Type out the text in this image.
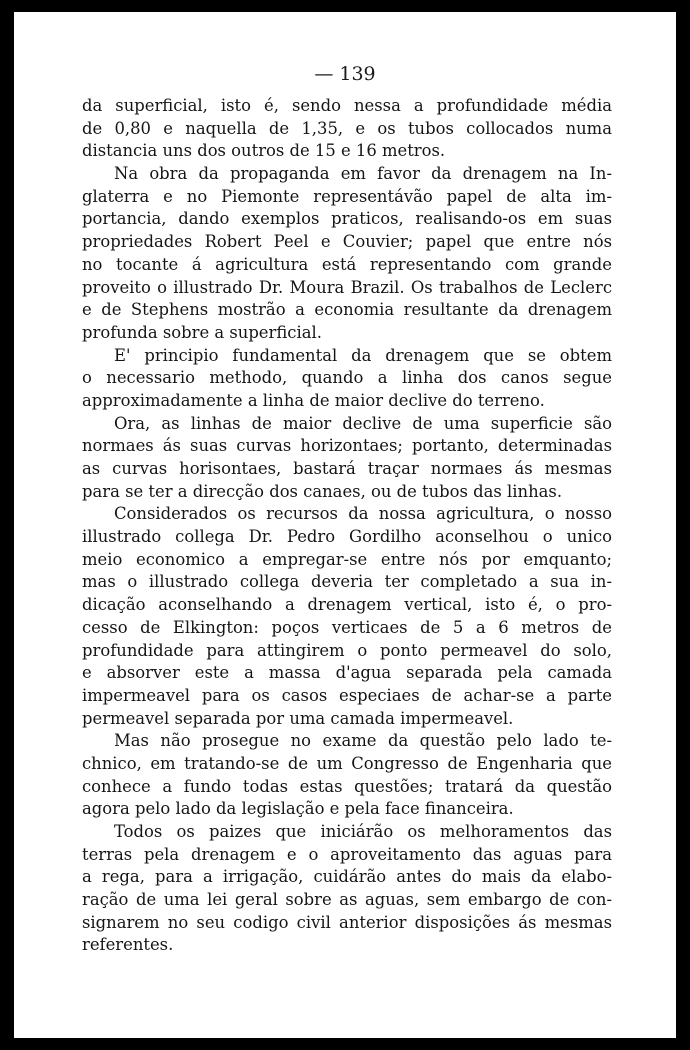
— 139
da superficial, isto é, sendo nessa a profundidade média
de 0,80 e naquella de 1,35, e os tubos collocados numa
distancia uns dos outros de 15 e 16 metros.
Na obra da propaganda em favor da drenagem na In-
glaterra e no Piemonte representávão papel de alta im-
portancia, dando exemplos praticos, realisando-os em suas
propriedades Robert Peel e Couvier; papel que entre nós
no tocante á agricultura está representando com grande
proveito o illustrado Dr. Moura Brazil. Os trabalhos de Leclerc
e de Stephens mostrão a economia resultante da drenagem
profunda sobre a superficial.
E' principio fundamental da drenagem que se obtem
o necessario methodo, quando a linha dos canos segue
approximadamente a linha de maior declive do terreno.
Ora, as linhas de maior declive de uma superficie são
normaes ás suas curvas horizontaes; portanto, determinadas
as curvas horisontaes, bastará traçar normaes ás mesmas
para se ter a direcção dos canaes, ou de tubos das linhas.
Considerados os recursos da nossa agricultura, o nosso
illustrado collega Dr. Pedro Gordilho aconselhou o unico
meio economico a empregar-se entre nós por emquanto;
mas o illustrado collega deveria ter completado a sua in-
dicação aconselhando a drenagem vertical, isto é, o pro-
cesso de Elkington: poços verticaes de 5 a 6 metros de
profundidade para attingirem o ponto permeavel do solo,
e absorver este a massa d'agua separada pela camada
impermeavel para os casos especiaes de achar-se a parte
permeavel separada por uma camada impermeavel.
Mas não prosegue no exame da questão pelo lado te-
chnico, em tratando-se de um Congresso de Engenharia que
conhece a fundo todas estas questões; tratará da questão
agora pelo lado da legislação e pela face financeira.
Todos os paizes que iniciárão os melhoramentos das
terras pela drenagem e o aproveitamento das aguas para
a rega, para a irrigação, cuidárão antes do mais da elabo-
ração de uma lei geral sobre as aguas, sem embargo de con-
signarem no seu codigo civil anterior disposições ás mesmas
referentes.
